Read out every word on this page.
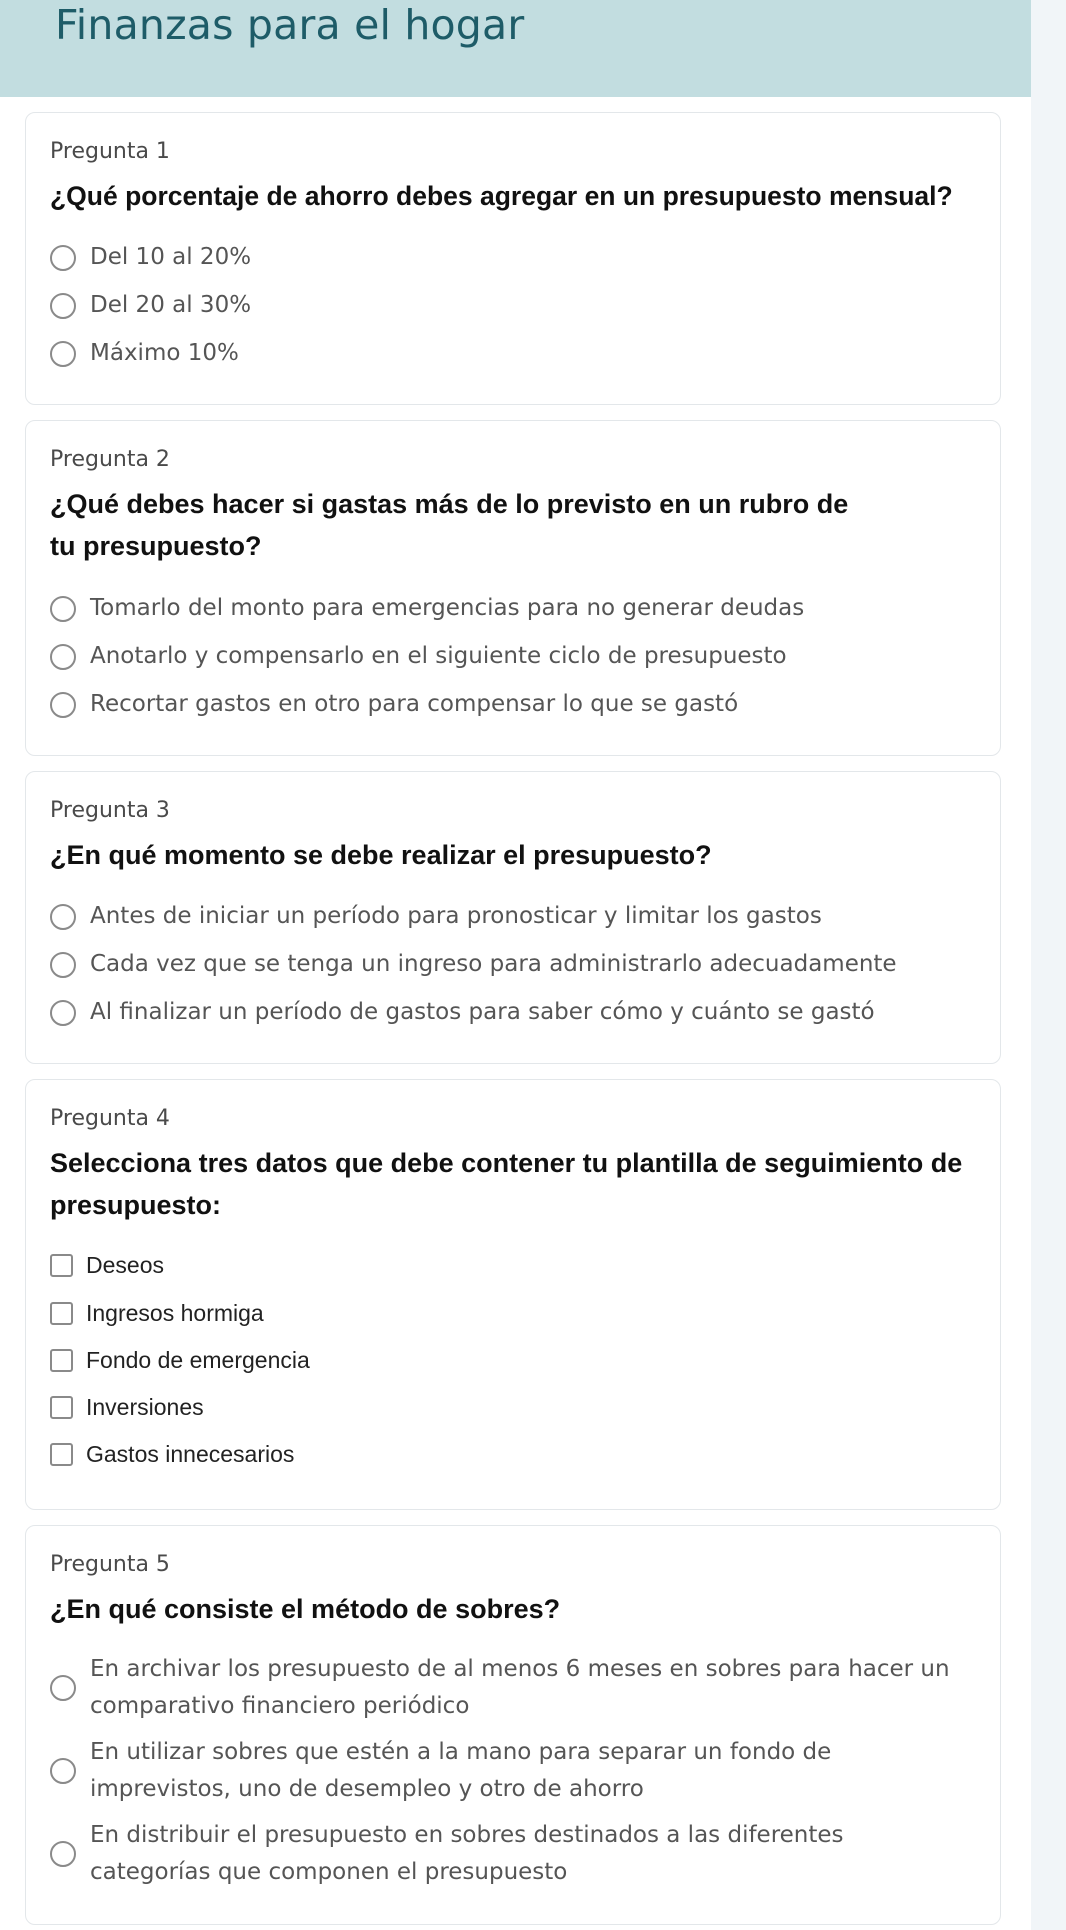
Finanzas para el hogar
Pregunta 1
¿Qué porcentaje de ahorro debes agregar en un presupuesto mensual?
Del 10 al 20%
Del 20 al 30%
Máximo 10%
Pregunta 2
¿Qué debes hacer si gastas más de lo previsto en un rubro de tu presupuesto?
Tomarlo del monto para emergencias para no generar deudas
Anotarlo y compensarlo en el siguiente ciclo de presupuesto
Recortar gastos en otro para compensar lo que se gastó
Pregunta 3
¿En qué momento se debe realizar el presupuesto?
Antes de iniciar un período para pronosticar y limitar los gastos
Cada vez que se tenga un ingreso para administrarlo adecuadamente
Al finalizar un período de gastos para saber cómo y cuánto se gastó
Pregunta 4
Selecciona tres datos que debe contener tu plantilla de seguimiento de presupuesto:
Deseos
Ingresos hormiga
Fondo de emergencia
Inversiones
Gastos innecesarios
Pregunta 5
¿En qué consiste el método de sobres?
En archivar los presupuesto de al menos 6 meses en sobres para hacer un comparativo financiero periódico
En utilizar sobres que estén a la mano para separar un fondo de imprevistos, uno de desempleo y otro de ahorro
En distribuir el presupuesto en sobres destinados a las diferentes categorías que componen el presupuesto
